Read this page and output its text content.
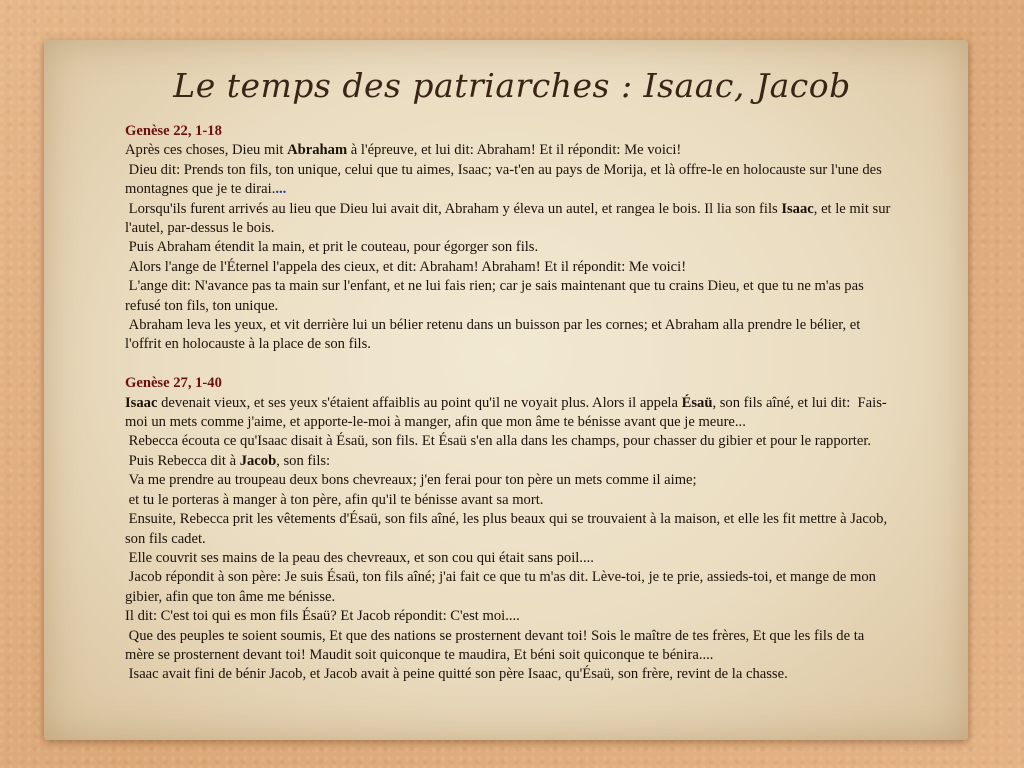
Le temps des patriarches : Isaac, Jacob
Genèse 22, 1-18
Après ces choses, Dieu mit Abraham à l'épreuve, et lui dit: Abraham! Et il répondit: Me voici!
Dieu dit: Prends ton fils, ton unique, celui que tu aimes, Isaac; va-t'en au pays de Morija, et là offre-le en holocauste sur l'une des montagnes que je te dirai....
Lorsqu'ils furent arrivés au lieu que Dieu lui avait dit, Abraham y éleva un autel, et rangea le bois. Il lia son fils Isaac, et le mit sur l'autel, par-dessus le bois.
Puis Abraham étendit la main, et prit le couteau, pour égorger son fils.
Alors l'ange de l'Éternel l'appela des cieux, et dit: Abraham! Abraham! Et il répondit: Me voici!
L'ange dit: N'avance pas ta main sur l'enfant, et ne lui fais rien; car je sais maintenant que tu crains Dieu, et que tu ne m'as pas refusé ton fils, ton unique.
Abraham leva les yeux, et vit derrière lui un bélier retenu dans un buisson par les cornes; et Abraham alla prendre le bélier, et l'offrit en holocauste à la place de son fils.
Genèse 27, 1-40
Isaac devenait vieux, et ses yeux s'étaient affaiblis au point qu'il ne voyait plus. Alors il appela Ésaü, son fils aîné, et lui dit:  Fais-moi un mets comme j'aime, et apporte-le-moi à manger, afin que mon âme te bénisse avant que je meure...
Rebecca écouta ce qu'Isaac disait à Ésaü, son fils. Et Ésaü s'en alla dans les champs, pour chasser du gibier et pour le rapporter.
Puis Rebecca dit à Jacob, son fils:
Va me prendre au troupeau deux bons chevreaux; j'en ferai pour ton père un mets comme il aime;
et tu le porteras à manger à ton père, afin qu'il te bénisse avant sa mort.
Ensuite, Rebecca prit les vêtements d'Ésaü, son fils aîné, les plus beaux qui se trouvaient à la maison, et elle les fit mettre à Jacob, son fils cadet.
Elle couvrit ses mains de la peau des chevreaux, et son cou qui était sans poil....
Jacob répondit à son père: Je suis Ésaü, ton fils aîné; j'ai fait ce que tu m'as dit. Lève-toi, je te prie, assieds-toi, et mange de mon gibier, afin que ton âme me bénisse.
Il dit: C'est toi qui es mon fils Ésaü? Et Jacob répondit: C'est moi....
Que des peuples te soient soumis, Et que des nations se prosternent devant toi! Sois le maître de tes frères, Et que les fils de ta mère se prosternent devant toi! Maudit soit quiconque te maudira, Et béni soit quiconque te bénira....
Isaac avait fini de bénir Jacob, et Jacob avait à peine quitté son père Isaac, qu'Ésaü, son frère, revint de la chasse.
